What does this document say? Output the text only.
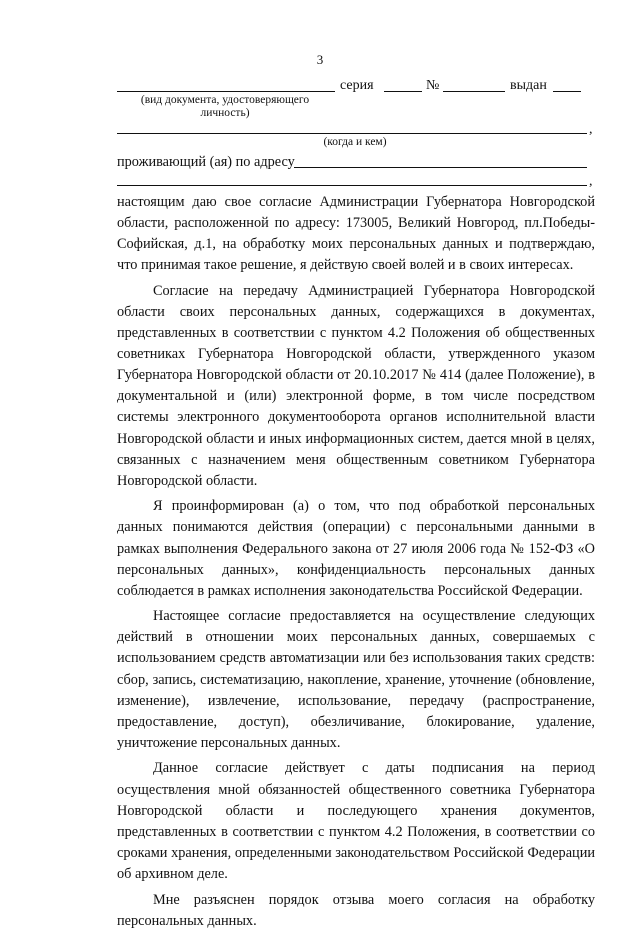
3
серия	№	выдан
(вид документа, удостоверяющего личность)
,
(когда и кем)
проживающий (ая) по адресу
,

настоящим даю свое согласие Администрации Губернатора Новгородской области, расположенной по адресу: 173005, Великий Новгород, пл.Победы-Софийская, д.1, на обработку моих персональных данных и подтверждаю, что принимая такое решение, я действую своей волей и в своих интересах.

Согласие на передачу Администрацией Губернатора Новгородской области своих персональных данных, содержащихся в документах, представленных в соответствии с пунктом 4.2 Положения об общественных советниках Губернатора Новгородской области, утвержденного указом Губернатора Новгородской области от 20.10.2017 № 414 (далее Положение), в документальной и (или) электронной форме, в том числе посредством системы электронного документооборота органов исполнительной власти Новгородской области и иных информационных систем, дается мной в целях, связанных с назначением меня общественным советником Губернатора Новгородской области.

Я проинформирован (а) о том, что под обработкой персональных данных понимаются действия (операции) с персональными данными в рамках выполнения Федерального закона от 27 июля 2006 года № 152-ФЗ «О персональных данных», конфиденциальность персональных данных соблюдается в рамках исполнения законодательства Российской Федерации.

Настоящее согласие предоставляется на осуществление следующих действий в отношении моих персональных данных, совершаемых с использованием средств автоматизации или без использования таких средств: сбор, запись, систематизацию, накопление, хранение, уточнение (обновление, изменение), извлечение, использование, передачу (распространение, предоставление, доступ), обезличивание, блокирование, удаление, уничтожение персональных данных.

Данное согласие действует с даты подписания на период осуществления мной обязанностей общественного советника Губернатора Новгородской области и последующего хранения документов, представленных в соответствии с пунктом 4.2 Положения, в соответствии со сроками хранения, определенными законодательством Российской Федерации об архивном деле.

Мне разъяснен порядок отзыва моего согласия на обработку персональных данных.
